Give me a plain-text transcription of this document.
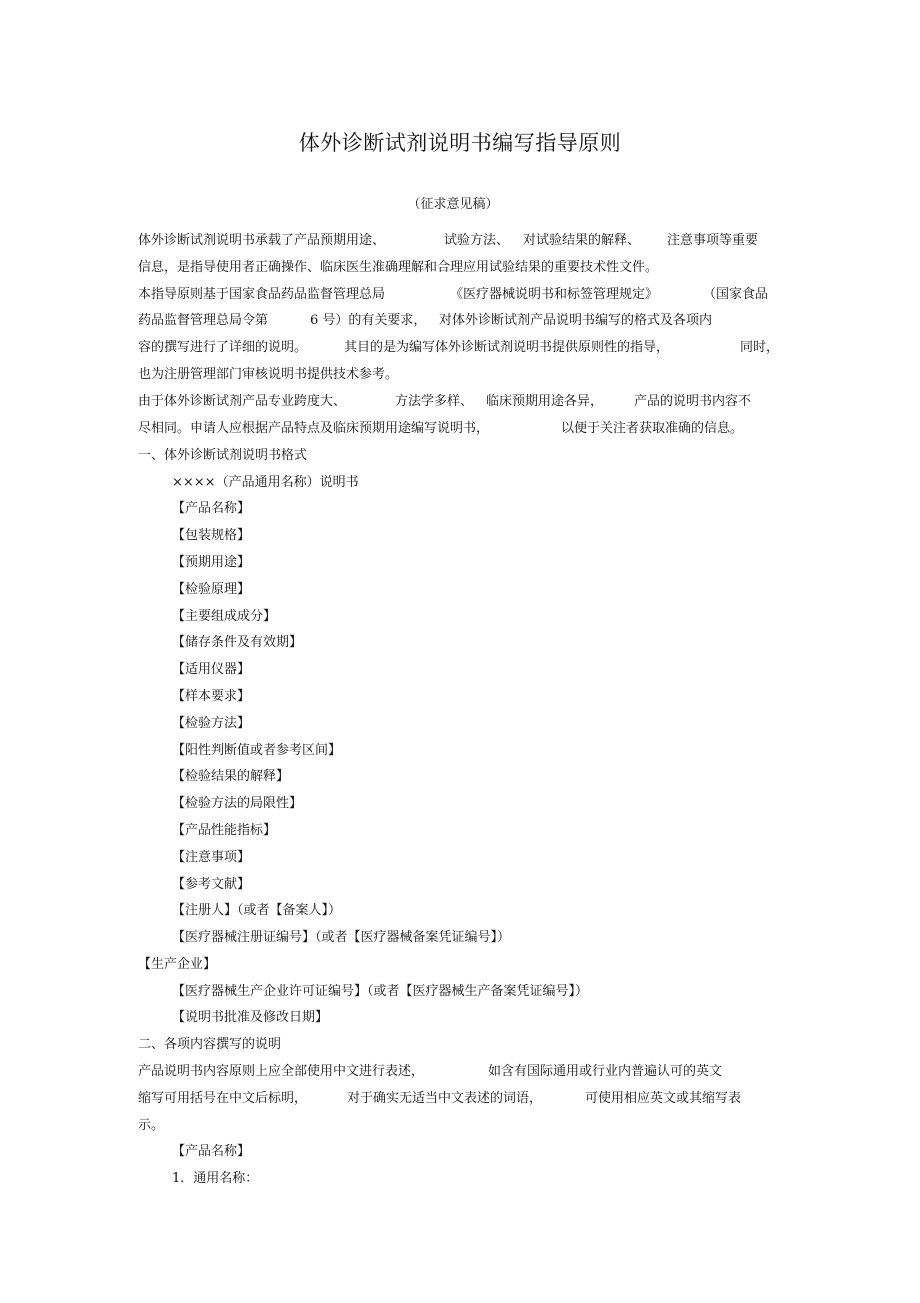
体外诊断试剂说明书编写指导原则
（征求意见稿）
体外诊断试剂说明书承载了产品预期用途、	试验方法、 对试验结果的解释、 注意事项等重要
信息，是指导使用者正确操作、临床医生准确理解和合理应用试验结果的重要技术性文件。
本指导原则基于国家食品药品监督管理总局	《医疗器械说明书和标签管理规定》	（国家食品
药品监督管理总局令第	6 号）的有关要求， 对体外诊断试剂产品说明书编写的格式及各项内
容的撰写进行了详细的说明。	其目的是为编写体外诊断试剂说明书提供原则性的指导，	同时，
也为注册管理部门审核说明书提供技术参考。
由于体外诊断试剂产品专业跨度大、	方法学多样、 临床预期用途各异， 产品的说明书内容不
尽相同。申请人应根据产品特点及临床预期用途编写说明书，	以便于关注者获取准确的信息。
一、体外诊断试剂说明书格式
××××（产品通用名称）说明书
【产品名称】
【包装规格】
【预期用途】
【检验原理】
【主要组成成分】
【储存条件及有效期】
【适用仪器】
【样本要求】
【检验方法】
【阳性判断值或者参考区间】
【检验结果的解释】
【检验方法的局限性】
【产品性能指标】
【注意事项】
【参考文献】
【注册人】（或者【备案人】）
【医疗器械注册证编号】（或者【医疗器械备案凭证编号】）
【生产企业】
【医疗器械生产企业许可证编号】（或者【医疗器械生产备案凭证编号】）
【说明书批准及修改日期】
二、各项内容撰写的说明
产品说明书内容原则上应全部使用中文进行表述，	如含有国际通用或行业内普遍认可的英文
缩写可用括号在中文后标明，	对于确实无适当中文表述的词语，	可使用相应英文或其缩写表
示。
【产品名称】
1．通用名称：
